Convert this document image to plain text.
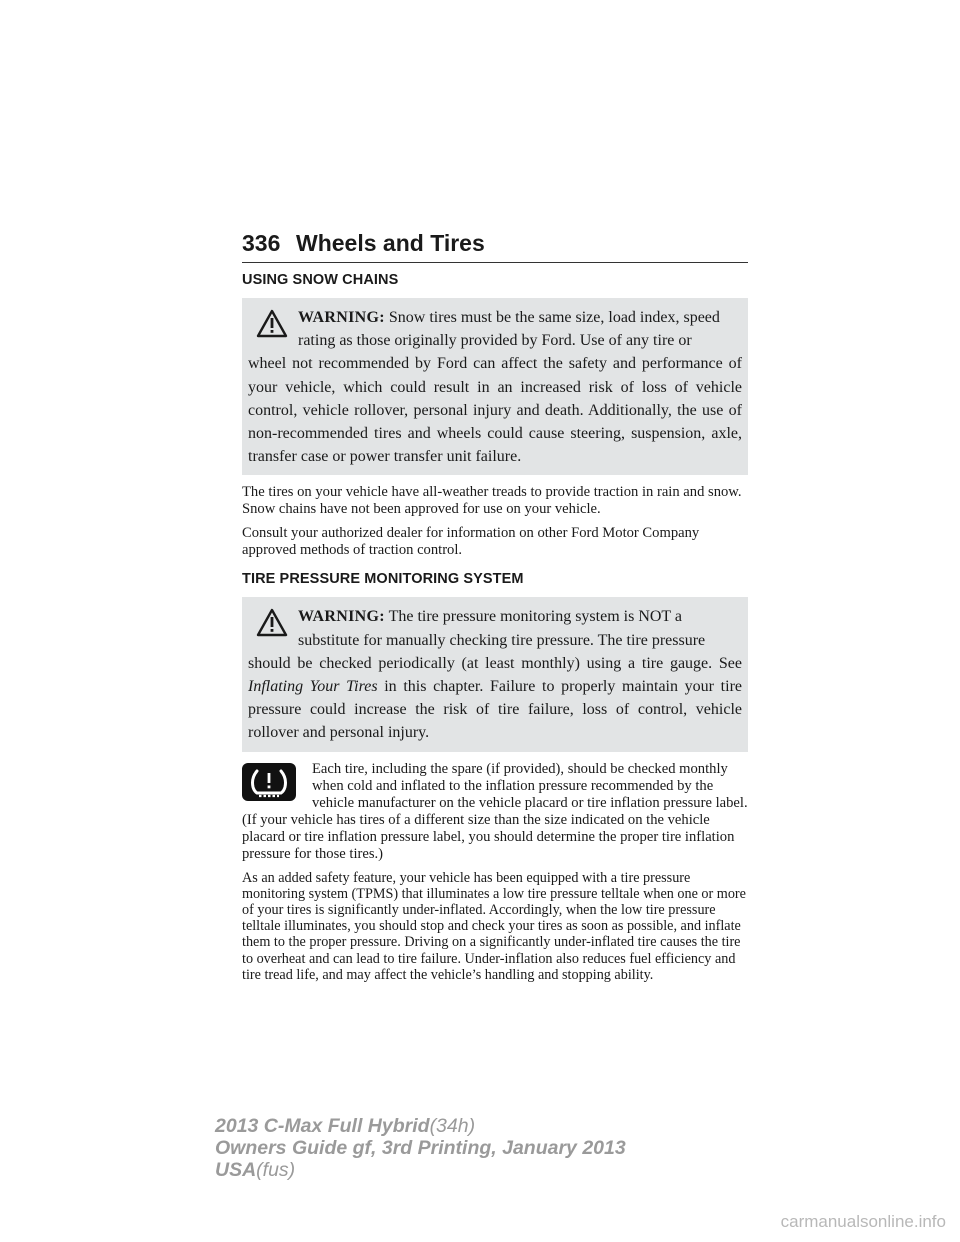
336 Wheels and Tires
USING SNOW CHAINS
WARNING: Snow tires must be the same size, load index, speed
rating as those originally provided by Ford. Use of any tire or
wheel not recommended by Ford can affect the safety and performance of your vehicle, which could result in an increased risk of loss of vehicle control, vehicle rollover, personal injury and death. Additionally, the use of non-recommended tires and wheels could cause steering, suspension, axle, transfer case or power transfer unit failure.

The tires on your vehicle have all-weather treads to provide traction in rain and snow. Snow chains have not been approved for use on your vehicle.

Consult your authorized dealer for information on other Ford Motor Company approved methods of traction control.

TIRE PRESSURE MONITORING SYSTEM
WARNING: The tire pressure monitoring system is NOT a
substitute for manually checking tire pressure. The tire pressure
should be checked periodically (at least monthly) using a tire gauge. See Inflating Your Tires in this chapter. Failure to properly maintain your tire pressure could increase the risk of tire failure, loss of control, vehicle rollover and personal injury.

Each tire, including the spare (if provided), should be checked monthly when cold and inflated to the inflation pressure recommended by the vehicle manufacturer on the vehicle placard or tire inflation pressure label. (If your vehicle has tires of a different size than the size indicated on the vehicle placard or tire inflation pressure label, you should determine the proper tire inflation pressure for those tires.)

As an added safety feature, your vehicle has been equipped with a tire pressure monitoring system (TPMS) that illuminates a low tire pressure telltale when one or more of your tires is significantly under-inflated. Accordingly, when the low tire pressure telltale illuminates, you should stop and check your tires as soon as possible, and inflate them to the proper pressure. Driving on a significantly under-inflated tire causes the tire to overheat and can lead to tire failure. Under-inflation also reduces fuel efficiency and tire tread life, and may affect the vehicle’s handling and stopping ability.

2013 C-Max Full Hybrid(34h)
Owners Guide gf, 3rd Printing, January 2013
USA(fus)
carmanualsonline.info
